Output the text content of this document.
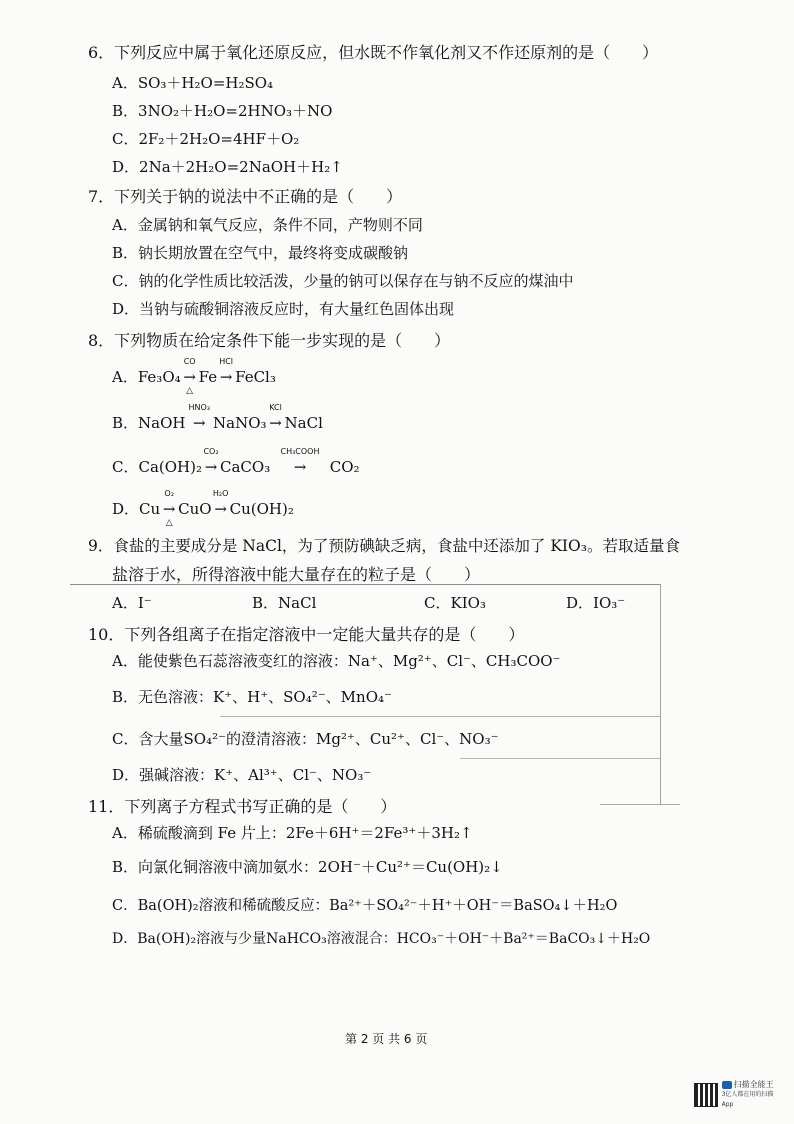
6．下列反应中属于氧化还原反应，但水既不作氧化剂又不作还原剂的是（　　）
A．SO₃＋H₂O=H₂SO₄
B．3NO₂＋H₂O=2HNO₃＋NO
C．2F₂＋2H₂O=4HF＋O₂
D．2Na＋2H₂O=2NaOH＋H₂↑
7．下列关于钠的说法中不正确的是（　　）
A．金属钠和氧气反应，条件不同，产物则不同
B．钠长期放置在空气中，最终将变成碳酸钠
C．钠的化学性质比较活泼，少量的钠可以保存在与钠不反应的煤油中
D．当钠与硫酸铜溶液反应时，有大量红色固体出现
8．下列物质在给定条件下能一步实现的是（　　）
A．Fe₃O₄
CO
→
△
Fe
HCl
→ FeCl₃
B．NaOH
HNO₃
→ NaNO₃
KCl
→ NaCl
C．Ca(OH)₂
CO₂
→ CaCO₃
CH₃COOH
→ CO₂
D．Cu
O₂
→
△
CuO
H₂O
→ Cu(OH)₂
9．食盐的主要成分是 NaCl，为了预防碘缺乏病，食盐中还添加了 KIO₃。若取适量食
盐溶于水，所得溶液中能大量存在的粒子是（　　）
A．I⁻	B．NaCl	C．KIO₃	D．IO₃⁻
10．下列各组离子在指定溶液中一定能大量共存的是（　　）
A．能使紫色石蕊溶液变红的溶液：Na⁺、Mg²⁺、Cl⁻、CH₃COO⁻
B．无色溶液：K⁺、H⁺、SO₄²⁻、MnO₄⁻
C．含大量SO₄²⁻的澄清溶液：Mg²⁺、Cu²⁺、Cl⁻、NO₃⁻
D．强碱溶液：K⁺、Al³⁺、Cl⁻、NO₃⁻
11．下列离子方程式书写正确的是（　　）
A．稀硫酸滴到 Fe 片上：2Fe＋6H⁺＝2Fe³⁺＋3H₂↑
B．向氯化铜溶液中滴加氨水：2OH⁻＋Cu²⁺＝Cu(OH)₂↓
C．Ba(OH)₂溶液和稀硫酸反应：Ba²⁺＋SO₄²⁻＋H⁺＋OH⁻＝BaSO₄↓＋H₂O
D．Ba(OH)₂溶液与少量NaHCO₃溶液混合：HCO₃⁻＋OH⁻＋Ba²⁺＝BaCO₃↓＋H₂O
第 2 页 共 6 页
扫描全能王
3亿人都在用的扫描App
